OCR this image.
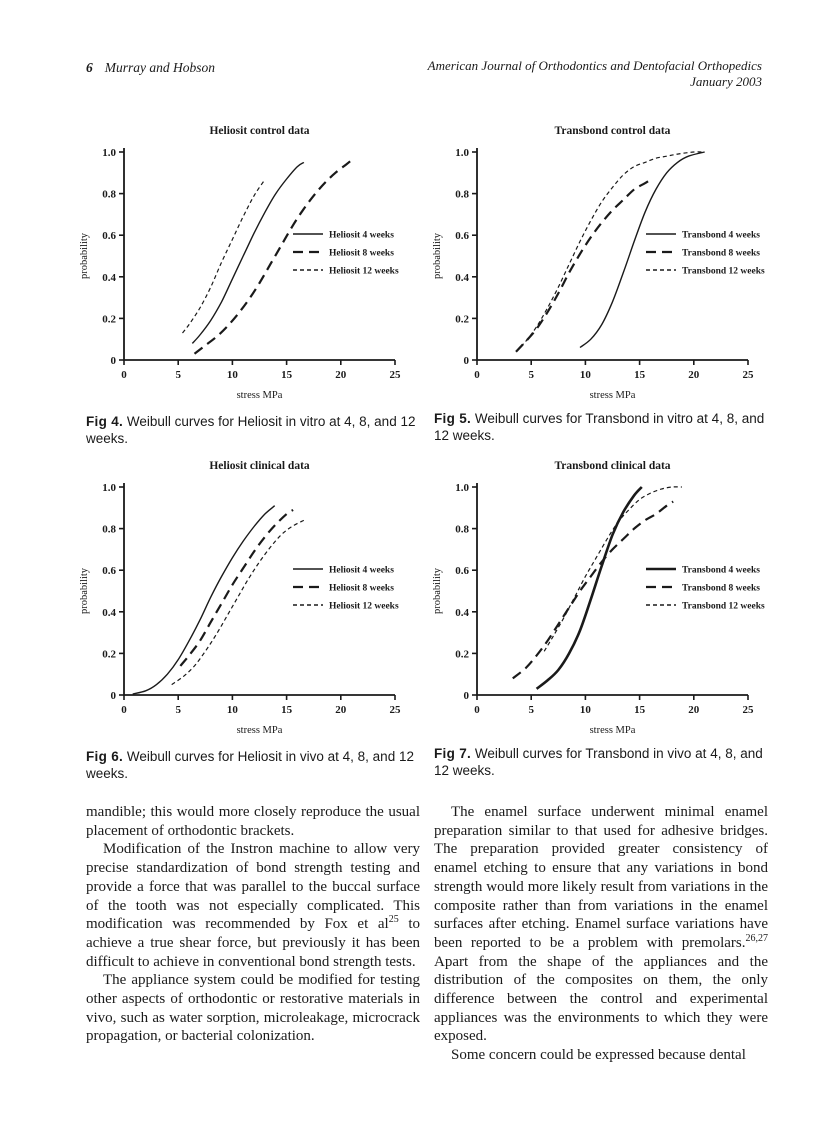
6 Murray and Hobson	American Journal of Orthodontics and Dentofacial Orthopedics
January 2003
Heliosit control data
0	5	10	15	20	25
0
0.2
0.4
0.6
0.8
1.0
stress MPa
probability	Heliosit 4 weeks
Heliosit 8 weeks
Heliosit 12 weeks
Transbond control data
0	5	10	15	20	25
0
0.2
0.4
0.6
0.8
1.0
stress MPa
probability	Transbond 4 weeks
Transbond 8 weeks
Transbond 12 weeks
Heliosit clinical data
0	5	10	15	20	25
0
0.2
0.4
0.6
0.8
1.0
stress MPa
probability	Heliosit 4 weeks
Heliosit 8 weeks
Heliosit 12 weeks
Transbond clinical data
0	5	10	15	20	25
0
0.2
0.4
0.6
0.8
1.0
stress MPa
probability	Transbond 4 weeks
Transbond 8 weeks
Transbond 12 weeks

Fig 4. Weibull curves for Heliosit in vitro at 4, 8, and 12 weeks.

Fig 5. Weibull curves for Transbond in vitro at 4, 8, and 12 weeks.

Fig 6. Weibull curves for Heliosit in vivo at 4, 8, and 12 weeks.

Fig 7. Weibull curves for Transbond in vivo at 4, 8, and 12 weeks.

mandible; this would more closely reproduce the usual placement of orthodontic brackets.

Modification of the Instron machine to allow very precise standardization of bond strength testing and provide a force that was parallel to the buccal surface of the tooth was not especially complicated. This modification was recommended by Fox et $al^{25}$ to achieve a true shear force, but previously it has been difficult to achieve in conventional bond strength tests.

The appliance system could be modified for testing other aspects of orthodontic or restorative materials in vivo, such as water sorption, microleakage, microcrack propagation, or bacterial colonization.

The enamel surface underwent minimal enamel preparation similar to that used for adhesive bridges. The preparation provided greater consistency of enamel etching to ensure that any variations in bond strength would more likely result from variations in the composite rather than from variations in the enamel surfaces after etching. Enamel surface variations have been reported to be a problem with premolars.$^{26,27}$ Apart from the shape of the appliances and the distribution of the composites on them, the only difference between the control and experimental appliances was the environments to which they were exposed.

Some concern could be expressed because dental
